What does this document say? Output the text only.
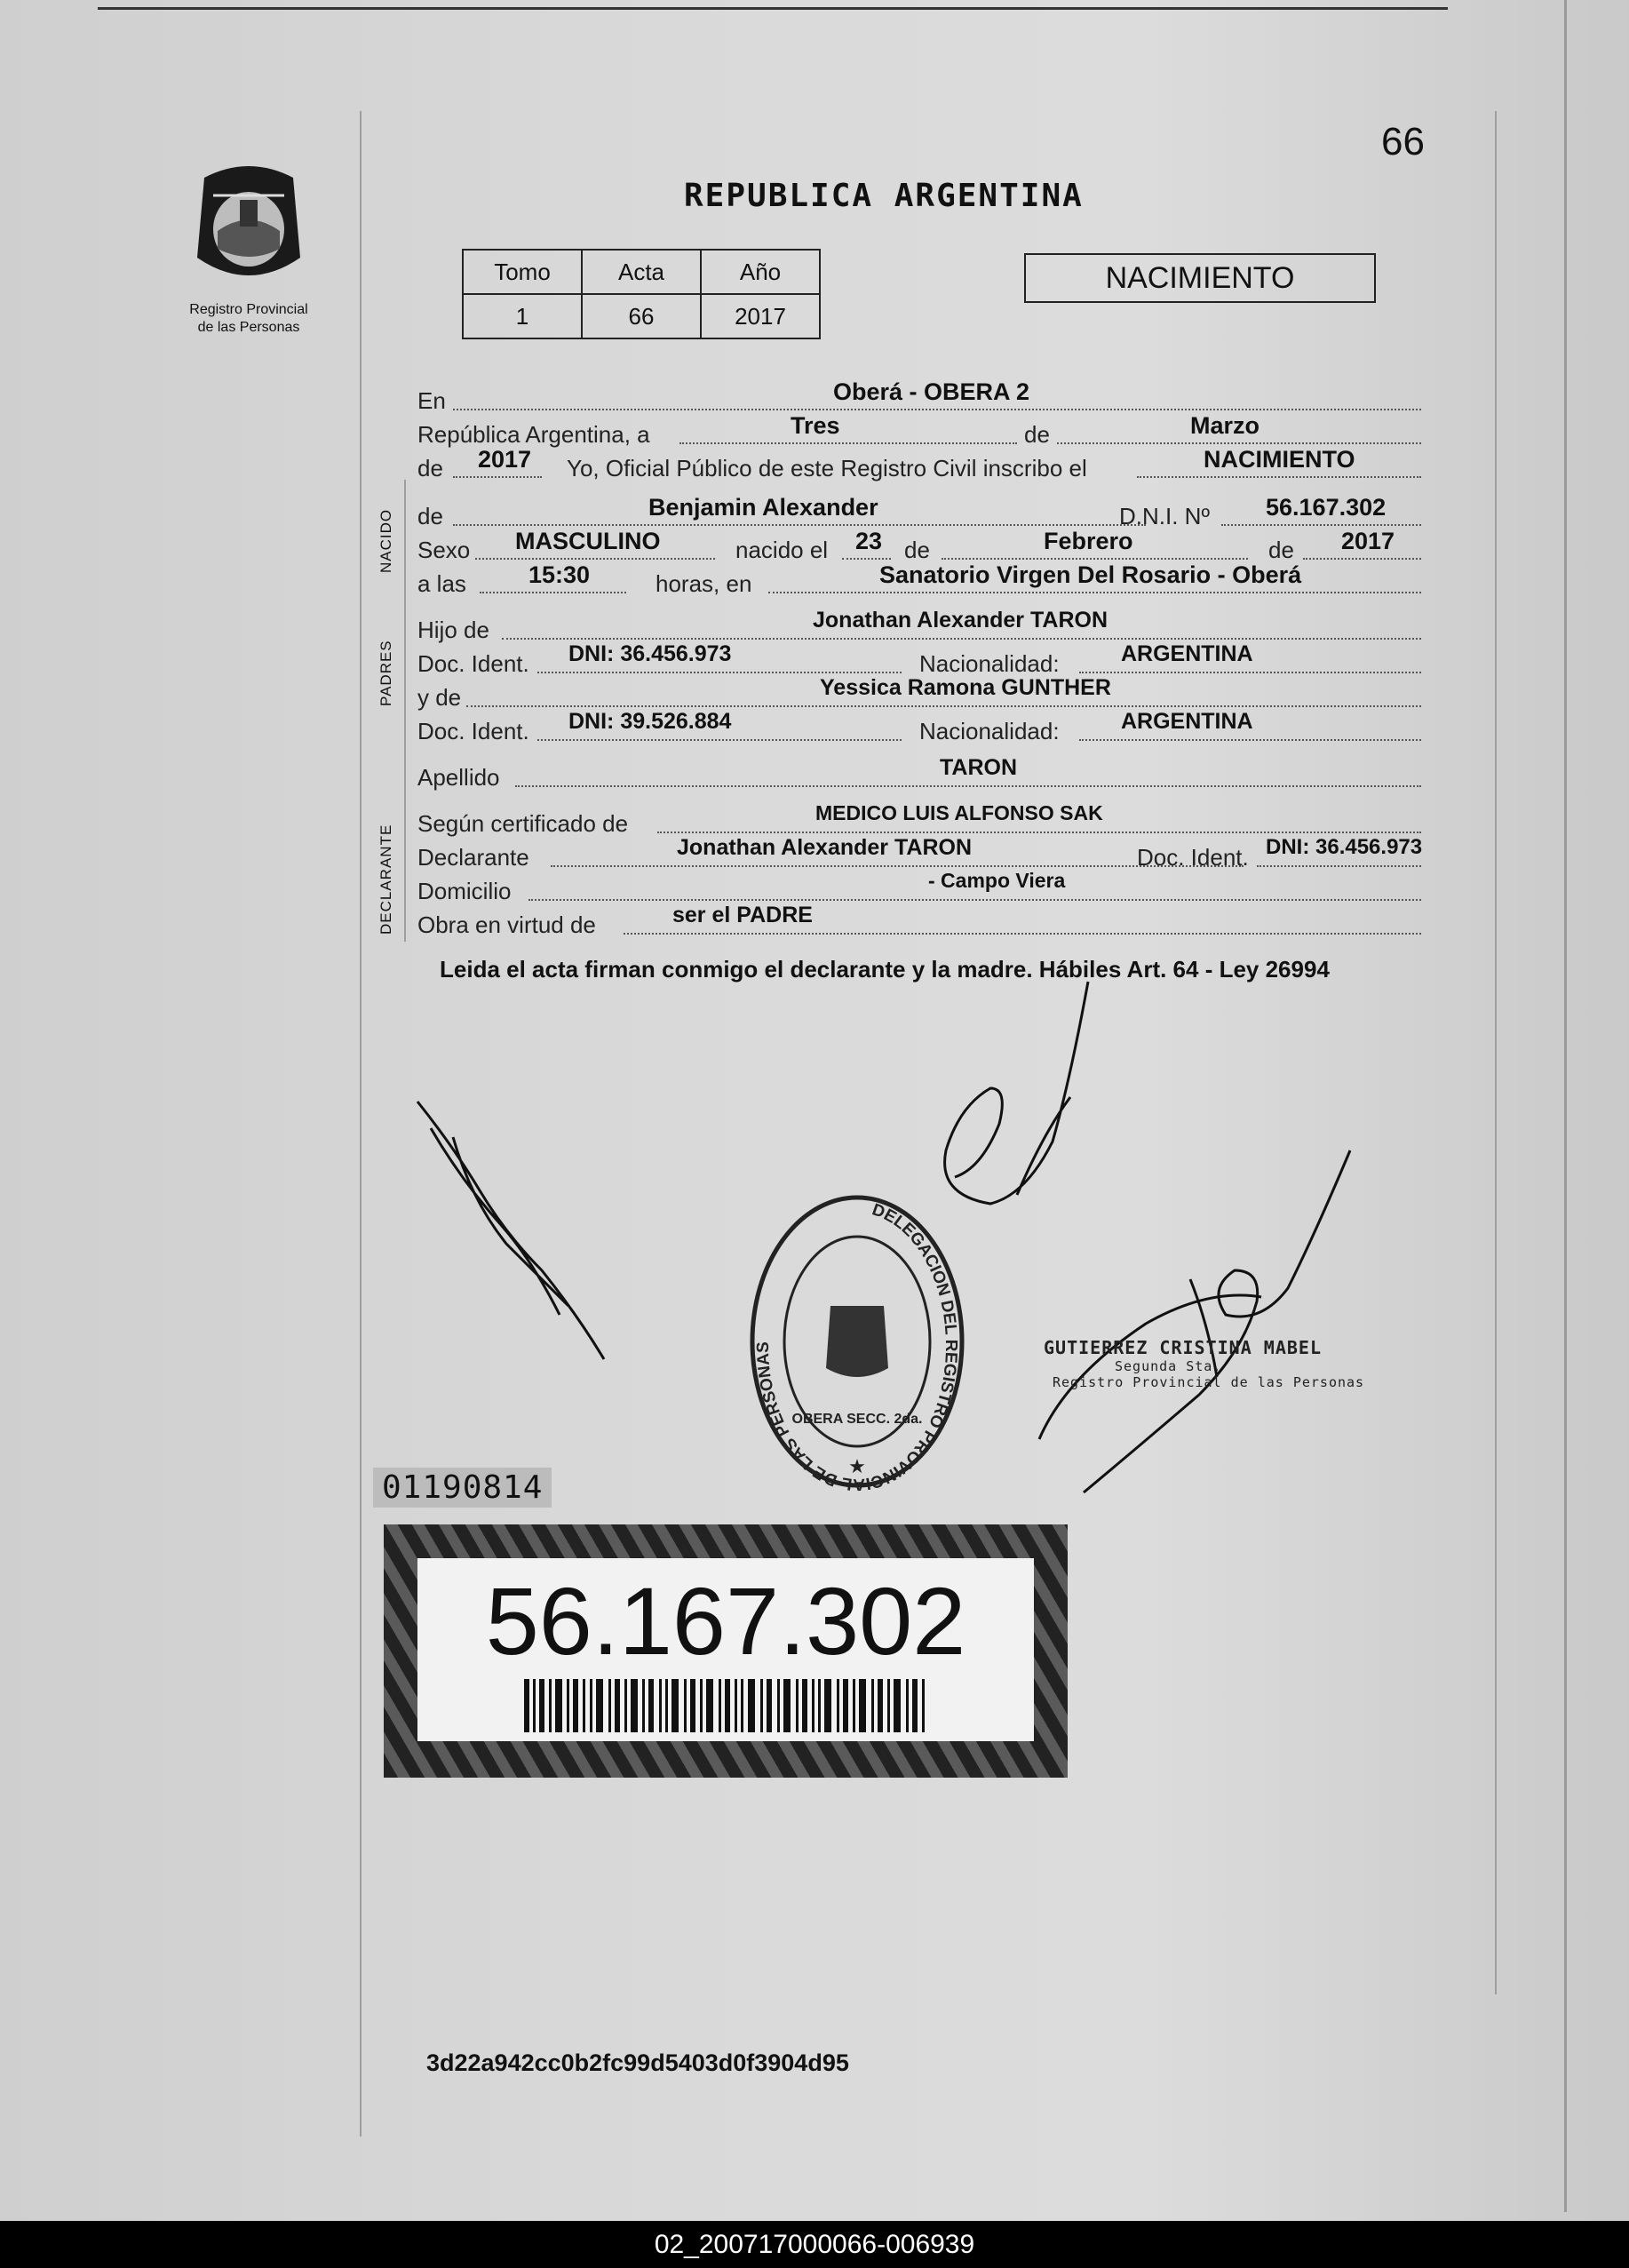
66
Registro Provincial
de las Personas
REPUBLICA ARGENTINA
Tomo	Acta	Año
1	66	2017
NACIMIENTO
En	Oberá - OBERA 2
República Argentina, a	Tres	de	Marzo
de 2017 Yo, Oficial Público de este Registro Civil inscribo el	NACIMIENTO
NACIDO de	Benjamin Alexander	D.N.I. Nº 56.167.302
Sexo MASCULINO	nacido el 23 de	Febrero	de 2017
a las	15:30	horas, en	Sanatorio Virgen Del Rosario - Oberá
PADRES
Hijo de	Jonathan Alexander TARON
Doc. Ident. DNI: 36.456.973	Nacionalidad:	ARGENTINA
y de	Yessica Ramona GUNTHER
Doc. Ident. DNI: 39.526.884	Nacionalidad:	ARGENTINA
Apellido	TARON
DECLARANTE
Según certificado de	MEDICO LUIS ALFONSO SAK
Declarante	Jonathan Alexander TARON	Doc. Ident. DNI: 36.456.973
Domicilio	- Campo Viera
Obra en virtud de	ser el PADRE
Leida el acta firman conmigo el declarante y la madre. Hábiles Art. 64 - Ley 26994
DELEGACION DEL REGISTRO PROVINCIAL DE LAS PERSONAS
OBERA SECC. 2da.
★
GUTIERREZ CRISTINA MABEL
Segunda Sta.
Registro Provincial de las Personas
01190814
56.167.302
3d22a942cc0b2fc99d5403d0f3904d95
02_200717000066-006939
